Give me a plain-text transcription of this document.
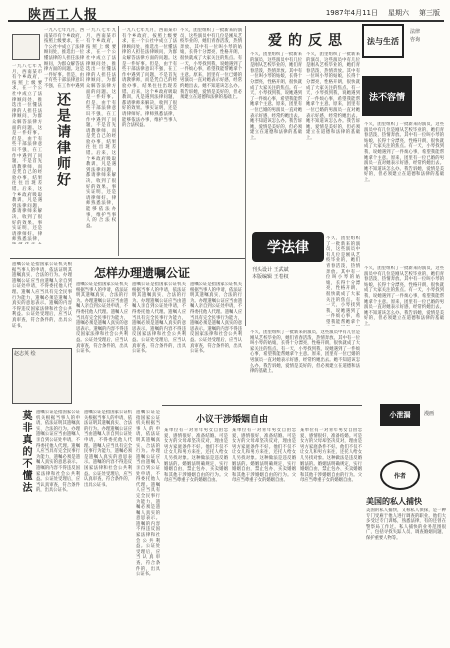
陕西工人报	1987年4月11日 星期六 第三版
一九八七年九月，西南某市有个乡政府，按照上级要求，在一个公社中成立了法律顾问处，推选出一位懂法律的人担任法律顾问，为群众解答法律方面的问题。这是一件好事。但是，由于有些干部法律意识不强，在工作中遇到
一九八七年九月，西南某市有个乡政府，按照上级要求，在一个公社中成立了法律顾问处，推选出一位懂法律的人担任法律顾问，为群众解答法律方面的问题。这是一件好事。但是，由于有些干部法律意识不强，在工作中遇到了问题，不是首先请教律师，而是凭自己的经验办事，结果往往出现差错。后来，这个乡政府吸取教训，凡是遇到法律问题，都请律师来解决，收到了很好的效果。事实证明，还是请律师好。律师熟悉法律，
还是请律师好
一九八七年九月，西南某市有个乡政府，按照上级要求，在一个公社中成立了法律顾问处，推选出一位懂法律的人担任法律顾问，为群众解答法律方面的问题。这是一件好事。但是，由于有些干部法律意识不强，在工作中遇到了问题，不是首先请教律师，而是凭自己的经验办事，结果往往出现差错。后来，这个乡政府吸取教训，凡是遇到法律问题，都请律师来解决，收到了很好的效果。事实证明，还是请律师好。律师熟悉法律，能够依法办事，维护当事人的合法权益。
一九八七年九月，西南某市有个乡政府，按照上级要求，在一个公社中成立了法律顾问处，推选出一位懂法律的人担任法律顾问，为群众解答法律方面的问题。这是一件好事。但是，由于有些干部法律意识不强，在工作中遇到了问题，不是首先请教律师，而是凭自己的经验办事，结果往往出现差错。后来，这个乡政府吸取教训，凡是遇到法律问题，都请律师来解决，收到了很好的效果。事实证明，还是请律师好。律师熟悉法律，能够依法办事，维护当事人的合法权益。
不久，团里组织了一批新来的演员，这些演员中有几位是刚从艺校毕业的，她们青春活泼，热情奔放。其中有一位叫小琴的姑娘，长得十分漂亮，性格开朗，很快就成了大家关注的焦点。有一天，小琴找到我，说她遇到了一件烦心事，希望我能帮她拿个主意。原来，团里有一位已婚的男演员一直对她表示好感，经常约她出去。她不知道该怎么办。我告诉她，爱情是美好的，但必须建立在道德和法律的基础上。
爱的反思
不久，团里组织了一批新来的演员，这些演员中有几位是刚从艺校毕业的，她们青春活泼，热情奔放。其中有一位叫小琴的姑娘，长得十分漂亮，性格开朗，很快就成了大家关注的焦点。有一天，小琴找到我，说她遇到了一件烦心事，希望我能帮她拿个主意。原来，团里有一位已婚的男演员一直对她表示好感，经常约她出去。她不知道该怎么办。我告诉她，爱情是美好的，但必须建立在道德和法律的基础上。
不久，团里组织了一批新来的演员，这些演员中有几位是刚从艺校毕业的，她们青春活泼，热情奔放。其中有一位叫小琴的姑娘，长得十分漂亮，性格开朗，很快就成了大家关注的焦点。有一天，小琴找到我，说她遇到了一件烦心事，希望我能帮她拿个主意。原来，团里有一位已婚的男演员一直对她表示好感，经常约她出去。她不知道该怎么办。我告诉她，爱情是美好的，但必须建立在道德和法律的基础上。
法与生活
法律
咨询
法不容情
不久，团里组织了一批新来的演员，这些演员中有几位是刚从艺校毕业的，她们青春活泼，热情奔放。其中有一位叫小琴的姑娘，长得十分漂亮，性格开朗，很快就成了大家关注的焦点。有一天，小琴找到我，说她遇到了一件烦心事，希望我能帮她拿个主意。原来，团里有一位已婚的男演员一直对她表示好感，经常约她出去。她不知道该怎么办。我告诉她，爱情是美好的，但必须建立在道德和法律的基础上。
学法律
刊头设计 王武斌
本版编辑 王卷权
不久，团里组织了一批新来的演员，这些演员中有几位是刚从艺校毕业的，她们青春活泼，热情奔放。其中有一位叫小琴的姑娘，长得十分漂亮，性格开朗，很快就成了大家关注的焦点。有一天，小琴找到我，说她遇到了一件烦心事，希望我能帮她拿个
遗嘱公证是指国家公证机关根据当事人的申请，依法证明其遗嘱真实、合法的行为。办理遗嘱公证应当由遗嘱人亲自到公证处申请，不得委托他人代理。遗嘱人应当具有完全民事行为能力，遗嘱必须是遗嘱人真实的意思表示。遗嘱的内容不得违反国家法律和社会公共利益。公证处受理后，应当认真审查，符合条件的，出具公证书。
怎样办理遗嘱公证
遗嘱公证是指国家公证机关根据当事人的申请，依法证明其遗嘱真实、合法的行为。办理遗嘱公证应当由遗嘱人亲自到公证处申请，不得委托他人代理。遗嘱人应当具有完全民事行为能力，遗嘱必须是遗嘱人真实的意思表示。遗嘱的内容不得违反国家法律和社会公共利益。公证处受理后，应当认真审查，符合条件的，出具公证书。
遗嘱公证是指国家公证机关根据当事人的申请，依法证明其遗嘱真实、合法的行为。办理遗嘱公证应当由遗嘱人亲自到公证处申请，不得委托他人代理。遗嘱人应当具有完全民事行为能力，遗嘱必须是遗嘱人真实的意思表示。遗嘱的内容不得违反国家法律和社会公共利益。公证处受理后，应当认真审查，符合条件的，出具公证书。
遗嘱公证是指国家公证机关根据当事人的申请，依法证明其遗嘱真实、合法的行为。办理遗嘱公证应当由遗嘱人亲自到公证处申请，不得委托他人代理。遗嘱人应当具有完全民事行为能力，遗嘱必须是遗嘱人真实的意思表示。遗嘱的内容不得违反国家法律和社会公共利益。公证处受理后，应当认真审查，符合条件的，出具公证书。
赵志英 绘
莫非真的不懂法	遗嘱公证是指国家公证机关根据当事人的申请，依法证明其遗嘱真实、合法的行为。办理遗嘱公证应当由遗嘱人亲自到公证处申请，不得委托他人代理。遗嘱人应当具有完全民事行为能力，遗嘱必须是遗嘱人真实的意思表示。遗嘱的内容不得违反国家法律和社会公共利益。公证处受理后，应当认真审查，符合条件的，出具公证书。
遗嘱公证是指国家公证机关根据当事人的申请，依法证明其遗嘱真实、合法的行为。办理遗嘱公证应当由遗嘱人亲自到公证处申请，不得委托他人代理。遗嘱人应当具有完全民事行为能力，遗嘱必须是遗嘱人真实的意思表示。遗嘱的内容不得违反国家法律和社会公共利益。公证处受理后，应当认真审查，符合条件的，出具公证书。
遗嘱公证是指国家公证机关根据当事人的申请，依法证明其遗嘱真实、合法的行为。办理遗嘱公证应当由遗嘱人亲自到公证处申请，不得委托他人代理。遗嘱人应当具有完全民事行为能力，遗嘱必须是遗嘱人真实的意思表示。遗嘱的内容不得违反国家法律和社会公共利益。公证处受理后，应当认真审查，符合条件的，出具公证书。
小议干涉婚姻自由
某单位有一对青年男女自由恋爱，感情很好，准备结婚。可是女方的父母却坚决反对，理由是男方家庭条件不好。他们不仅不让女儿和男方来往，还托人给女儿另找对象。这种做法是违反婚姻法的。婚姻法明确规定，实行婚姻自由，禁止包办、买卖婚姻和其他干涉婚姻自由的行为。父母应当尊重子女的婚姻自由。
某单位有一对青年男女自由恋爱，感情很好，准备结婚。可是女方的父母却坚决反对，理由是男方家庭条件不好。他们不仅不让女儿和男方来往，还托人给女儿另找对象。这种做法是违反婚姻法的。婚姻法明确规定，实行婚姻自由，禁止包办、买卖婚姻和其他干涉婚姻自由的行为。父母应当尊重子女的婚姻自由。
某单位有一对青年男女自由恋爱，感情很好，准备结婚。可是女方的父母却坚决反对，理由是男方家庭条件不好。他们不仅不让女儿和男方来往，还托人给女儿另找对象。这种做法是违反婚姻法的。婚姻法明确规定，实行婚姻自由，禁止包办、买卖婚姻和其他干涉婚姻自由的行为。父母应当尊重子女的婚姻自由。
不久，团里组织了一批新来的演员，这些演员中有几位是刚从艺校毕业的，她们青春活泼，热情奔放。其中有一位叫小琴的姑娘，长得十分漂亮，性格开朗，很快就成了大家关注的焦点。有一天，小琴找到我，说她遇到了一件烦心事，希望我能帮她拿个主意。原来，团里有一位已婚的男演员一直对她表示好感，经常约她出去。她不知道该怎么办。我告诉她，爱情是美好的，但必须建立在道德和法律的基础上。
小泄漏	漫画
不久，团里组织了一批新来的演员，这些演员中有几位是刚从艺校毕业的，她们青春活泼，热情奔放。其中有一位叫小琴的姑娘，长得十分漂亮，性格开朗，很快就成了大家关注的焦点。有一天，小琴找到我，说她遇到了一件烦心事，希望我能帮她拿个主意。原来，团里有一位已婚的男演员一直对她表示好感，经常约她出去。她不知道该怎么办。我告诉她，爱情是美好的，但必须建立在道德和法律的基础上。
作者
美国的私人捕快
美国的私人捕快，又称私人侦探，是一种专门受雇于他人进行调查的职业。他们大多受过专门训练，熟悉法律，有的还曾在警察局工作过。私人捕快的业务范围很广，包括寻找失踪人员、调查婚姻问题、保护重要人物等。
